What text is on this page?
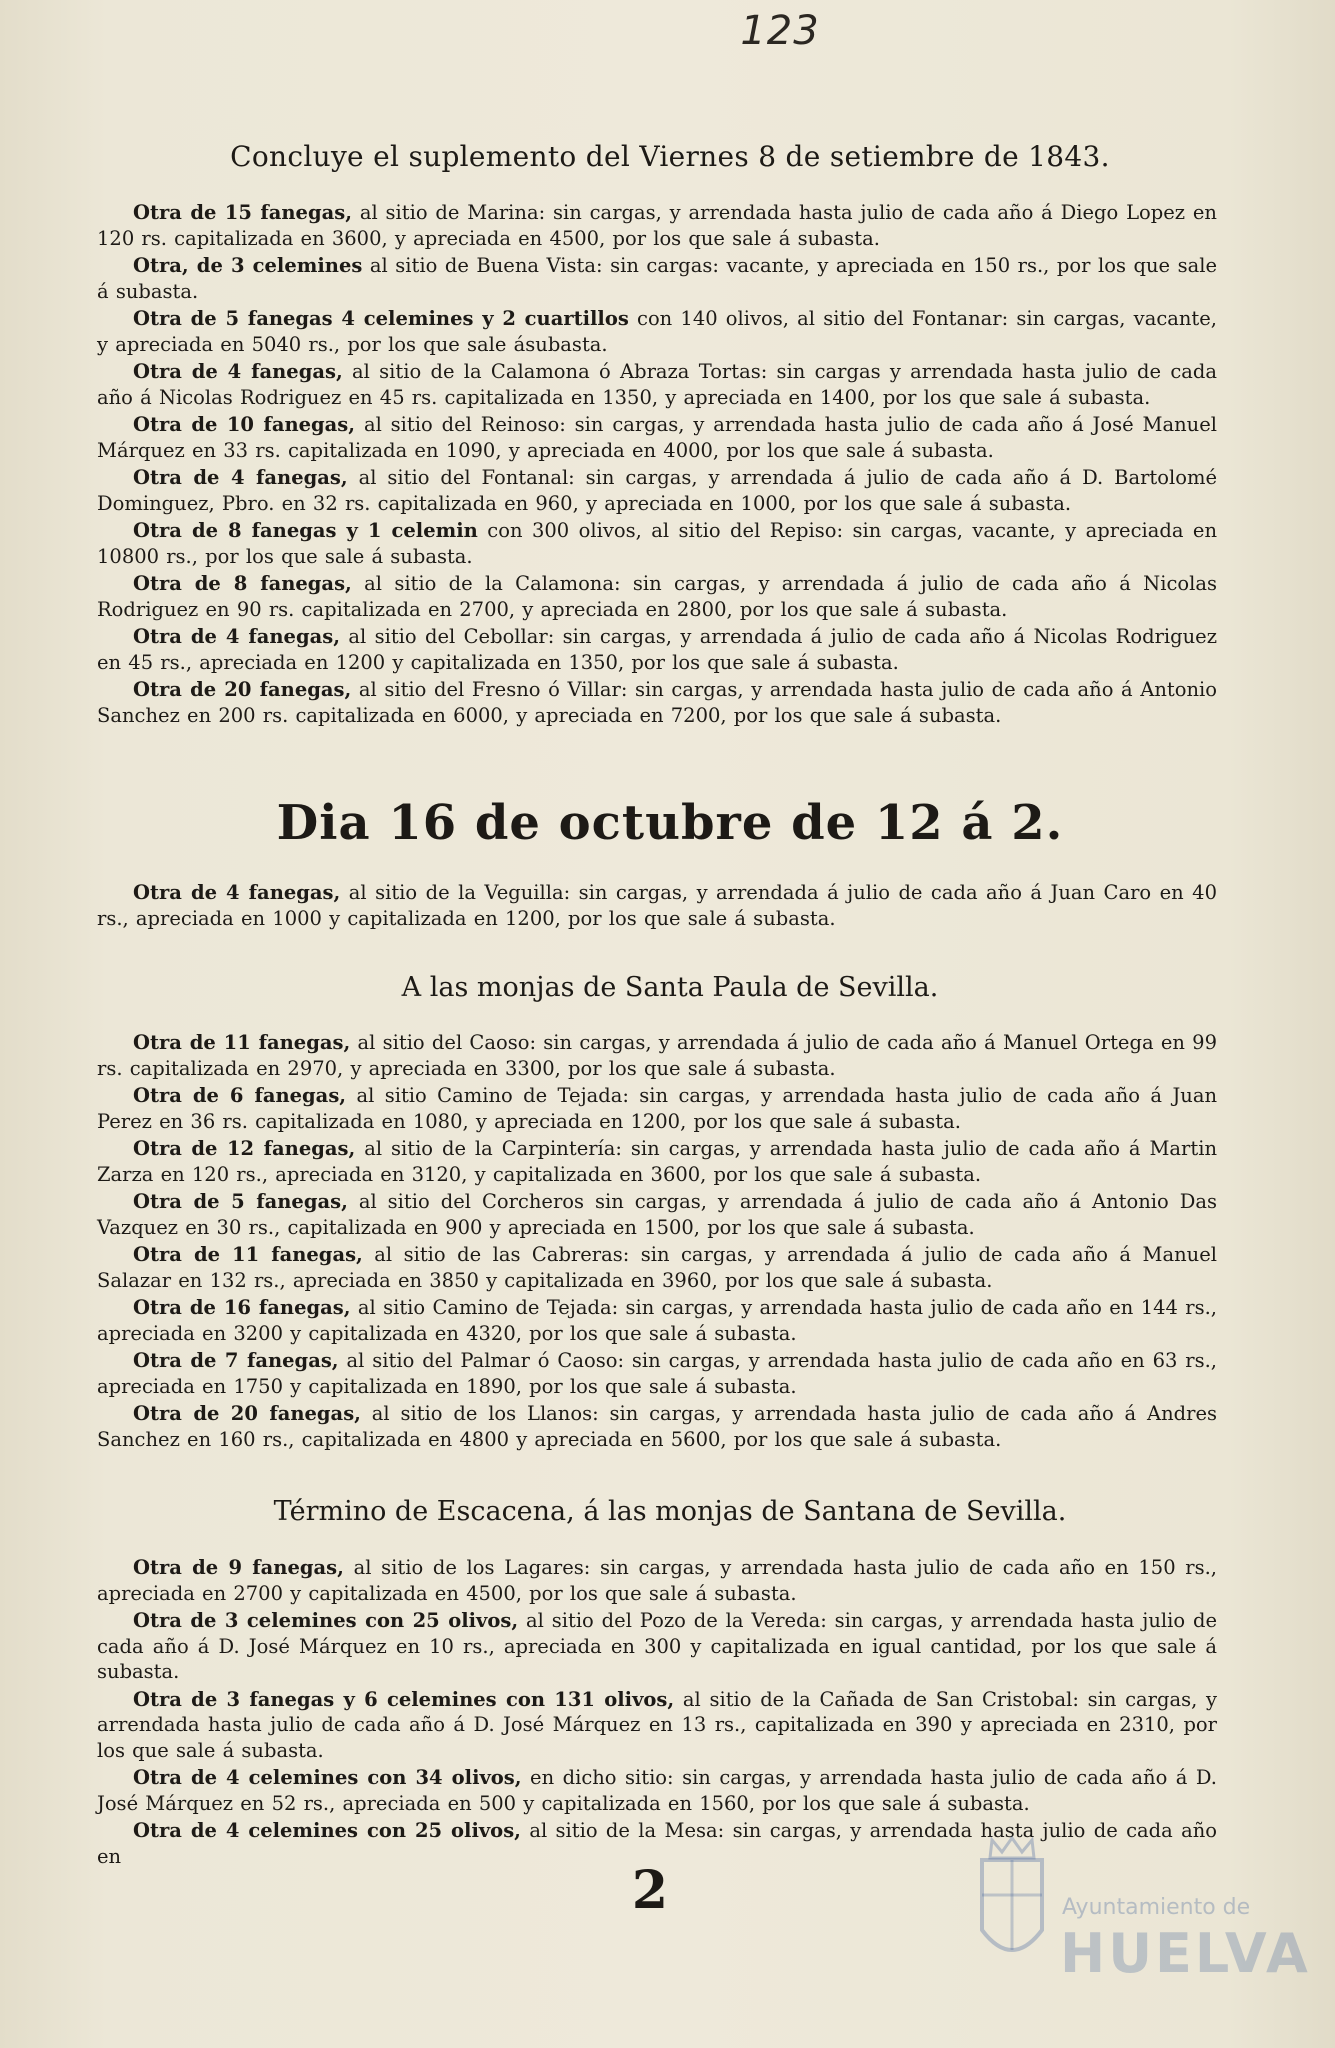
123
Concluye el suplemento del Viernes 8 de setiembre de 1843.

Otra de 15 fanegas, al sitio de Marina: sin cargas, y arrendada hasta julio de cada año á Diego Lopez en 120 rs. capitalizada en 3600, y apreciada en 4500, por los que sale á subasta.

Otra, de 3 celemines al sitio de Buena Vista: sin cargas: vacante, y apreciada en 150 rs., por los que sale á subasta.

Otra de 5 fanegas 4 celemines y 2 cuartillos con 140 olivos, al sitio del Fontanar: sin cargas, vacante, y apreciada en 5040 rs., por los que sale ásubasta.

Otra de 4 fanegas, al sitio de la Calamona ó Abraza Tortas: sin cargas y arrendada hasta julio de cada año á Nicolas Rodriguez en 45 rs. capitalizada en 1350, y apreciada en 1400, por los que sale á subasta.

Otra de 10 fanegas, al sitio del Reinoso: sin cargas, y arrendada hasta julio de cada año á José Manuel Márquez en 33 rs. capitalizada en 1090, y apreciada en 4000, por los que sale á subasta.

Otra de 4 fanegas, al sitio del Fontanal: sin cargas, y arrendada á julio de cada año á D. Bartolomé Dominguez, Pbro. en 32 rs. capitalizada en 960, y apreciada en 1000, por los que sale á subasta.

Otra de 8 fanegas y 1 celemin con 300 olivos, al sitio del Repiso: sin cargas, vacante, y apreciada en 10800 rs., por los que sale á subasta.

Otra de 8 fanegas, al sitio de la Calamona: sin cargas, y arrendada á julio de cada año á Nicolas Rodriguez en 90 rs. capitalizada en 2700, y apreciada en 2800, por los que sale á subasta.

Otra de 4 fanegas, al sitio del Cebollar: sin cargas, y arrendada á julio de cada año á Nicolas Rodriguez en 45 rs., apreciada en 1200 y capitalizada en 1350, por los que sale á subasta.

Otra de 20 fanegas, al sitio del Fresno ó Villar: sin cargas, y arrendada hasta julio de cada año á Antonio Sanchez en 200 rs. capitalizada en 6000, y apreciada en 7200, por los que sale á subasta.

Dia 16 de octubre de 12 á 2.

Otra de 4 fanegas, al sitio de la Veguilla: sin cargas, y arrendada á julio de cada año á Juan Caro en 40 rs., apreciada en 1000 y capitalizada en 1200, por los que sale á subasta.

A las monjas de Santa Paula de Sevilla.

Otra de 11 fanegas, al sitio del Caoso: sin cargas, y arrendada á julio de cada año á Manuel Ortega en 99 rs. capitalizada en 2970, y apreciada en 3300, por los que sale á subasta.

Otra de 6 fanegas, al sitio Camino de Tejada: sin cargas, y arrendada hasta julio de cada año á Juan Perez en 36 rs. capitalizada en 1080, y apreciada en 1200, por los que sale á subasta.

Otra de 12 fanegas, al sitio de la Carpintería: sin cargas, y arrendada hasta julio de cada año á Martin Zarza en 120 rs., apreciada en 3120, y capitalizada en 3600, por los que sale á subasta.

Otra de 5 fanegas, al sitio del Corcheros sin cargas, y arrendada á julio de cada año á Antonio Das Vazquez en 30 rs., capitalizada en 900 y apreciada en 1500, por los que sale á subasta.

Otra de 11 fanegas, al sitio de las Cabreras: sin cargas, y arrendada á julio de cada año á Manuel Salazar en 132 rs., apreciada en 3850 y capitalizada en 3960, por los que sale á subasta.

Otra de 16 fanegas, al sitio Camino de Tejada: sin cargas, y arrendada hasta julio de cada año en 144 rs., apreciada en 3200 y capitalizada en 4320, por los que sale á subasta.

Otra de 7 fanegas, al sitio del Palmar ó Caoso: sin cargas, y arrendada hasta julio de cada año en 63 rs., apreciada en 1750 y capitalizada en 1890, por los que sale á subasta.

Otra de 20 fanegas, al sitio de los Llanos: sin cargas, y arrendada hasta julio de cada año á Andres Sanchez en 160 rs., capitalizada en 4800 y apreciada en 5600, por los que sale á subasta.

Término de Escacena, á las monjas de Santana de Sevilla.

Otra de 9 fanegas, al sitio de los Lagares: sin cargas, y arrendada hasta julio de cada año en 150 rs., apreciada en 2700 y capitalizada en 4500, por los que sale á subasta.

Otra de 3 celemines con 25 olivos, al sitio del Pozo de la Vereda: sin cargas, y arrendada hasta julio de cada año á D. José Márquez en 10 rs., apreciada en 300 y capitalizada en igual cantidad, por los que sale á subasta.

Otra de 3 fanegas y 6 celemines con 131 olivos, al sitio de la Cañada de San Cristobal: sin cargas, y arrendada hasta julio de cada año á D. José Márquez en 13 rs., capitalizada en 390 y apreciada en 2310, por los que sale á subasta.

Otra de 4 celemines con 34 olivos, en dicho sitio: sin cargas, y arrendada hasta julio de cada año á D. José Márquez en 52 rs., apreciada en 500 y capitalizada en 1560, por los que sale á subasta.

Otra de 4 celemines con 25 olivos, al sitio de la Mesa: sin cargas, y arrendada hasta julio de cada año en

2	Ayuntamiento de
HUELVA
